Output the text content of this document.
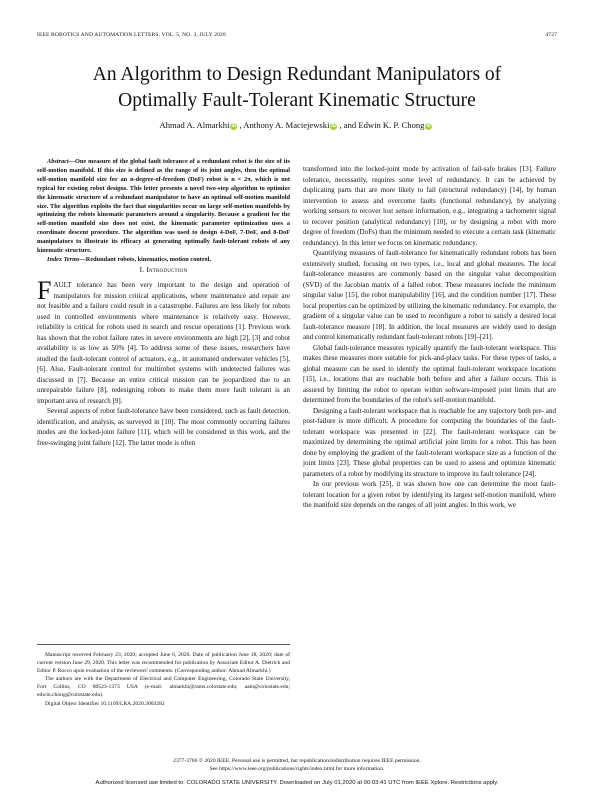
IEEE ROBOTICS AND AUTOMATION LETTERS, VOL. 5, NO. 3, JULY 2020	4727
An Algorithm to Design Redundant Manipulators of
Optimally Fault-Tolerant Kinematic Structure
Ahmad A. Almarkhi iD , Anthony A. Maciejewski iD , and Edwin K. P. Chong iD

Abstract—One measure of the global fault tolerance of a redundant robot is the size of its self-motion manifold. If this size is defined as the range of its joint angles, then the optimal self-motion manifold size for an n-degree-of-freedom (DoF) robot is n × 2π, which is not typical for existing robot designs. This letter presents a novel two-step algorithm to optimize the kinematic structure of a redundant manipulator to have an optimal self-motion manifold size. The algorithm exploits the fact that singularities occur on large self-motion manifolds by optimizing the robots kinematic parameters around a singularity. Because a gradient for the self-motion manifold size does not exist, the kinematic parameter optimization uses a coordinate descent procedure. The algorithm was used to design 4-DoF, 7-DoF, and 8-DoF manipulators to illustrate its efficacy at generating optimally fault-tolerant robots of any kinematic structure.

Index Terms—Redundant robots, kinematics, motion control.

I. Introduction

FAULT tolerance has been very important to the design and operation of manipulators for mission critical applications, where maintenance and repair are not feasible and a failure could result in a catastrophe. Failures are less likely for robots used in controlled environments where maintenance is relatively easy. However, reliability is critical for robots used in search and rescue operations [1]. Previous work has shown that the robot failure rates in severe environments are high [2], [3] and robot availability is as low as 50% [4]. To address some of these issues, researchers have studied the fault-tolerant control of actuators, e.g., in automated underwater vehicles [5], [6]. Also, Fault-tolerant control for multirobot systems with undetected failures was discussed in [7]. Because an entire critical mission can be jeopardized due to an unrepairable failure [8], redesigning robots to make them more fault tolerant is an important area of research [9].

Several aspects of robot fault-tolerance have been considered, such as fault detection, identification, and analysis, as surveyed in [10]. The most commonly occurring failures modes are the locked-joint failure [11], which will be considered in this work, and the free-swinging joint failure [12]. The latter mode is often

Manuscript received February 23, 2020; accepted June 6, 2020. Date of publication June 18, 2020; date of current version June 29, 2020. This letter was recommended for publication by Associate Editor A. Dietrich and Editor P. Rocco upon evaluation of the reviewers' comments. (Corresponding author: Ahmad Almarkhi.)

The authors are with the Department of Electrical and Computer Engineering, Colorado State University, Fort Collins, CO 80523-1373 USA (e-mail: almarkhi@rams.colostate.edu; aam@colostate.edu; edwin.chong@colostate.edu).

Digital Object Identifier 10.1109/LRA.2020.3003282

transformed into the locked-joint mode by activation of fail-safe brakes [13]. Failure tolerance, necessarily, requires some level of redundancy. It can be achieved by duplicating parts that are more likely to fail (structural redundancy) [14], by human intervention to assess and overcome faults (functional redundancy), by analyzing working sensors to recover lost sensor information, e.g., integrating a tachometer signal to recover position (analytical redundancy) [10], or by designing a robot with more degree of freedom (DoFs) than the minimum needed to execute a certain task (kinematic redundancy). In this letter we focus on kinematic redundancy.

Quantifying measures of fault-tolerance for kinematically redundant robots has been extensively studied, focusing on two types, i.e., local and global measures. The local fault-tolerance measures are commonly based on the singular value decomposition (SVD) of the Jacobian matrix of a failed robot. These measures include the minimum singular value [15], the robot manipulability [16], and the condition number [17]. These local properties can be optimized by utilizing the kinematic redundancy. For example, the gradient of a singular value can be used to reconfigure a robot to satisfy a desired local fault-tolerance measure [18]. In addition, the local measures are widely used to design and control kinematically redundant fault-tolerant robots [19]–[21].

Global fault-tolerance measures typically quantify the fault-tolerant workspace. This makes these measures more suitable for pick-and-place tasks. For these types of tasks, a global measure can be used to identify the optimal fault-tolerant workspace locations [15], i.e., locations that are reachable both before and after a failure occurs. This is assured by limiting the robot to operate within software-imposed joint limits that are determined from the boundaries of the robot's self-motion manifold.

Designing a fault-tolerant workspace that is reachable for any trajectory both pre- and post-failure is more difficult. A procedure for computing the boundaries of the fault-tolerant workspace was presented in [22]. The fault-tolerant workspace can be maximized by determining the optimal artificial joint limits for a robot. This has been done by employing the gradient of the fault-tolerant workspace size as a function of the joint limits [23]. These global properties can be used to assess and optimize kinematic parameters of a robot by modifying its structure to improve its fault tolerance [24].

In our previous work [25], it was shown how one can determine the most fault-tolerant location for a given robot by identifying its largest self-motion manifold, where the manifold size depends on the ranges of all joint angles. In this work, we

2377-3766 © 2020 IEEE. Personal use is permitted, but republication/redistribution requires IEEE permission.
See https://www.ieee.org/publications/rights/index.html for more information.
Authorized licensed use limited to: COLORADO STATE UNIVERSITY. Downloaded on July 01,2020 at 00:03:41 UTC from IEEE Xplore. Restrictions apply.
